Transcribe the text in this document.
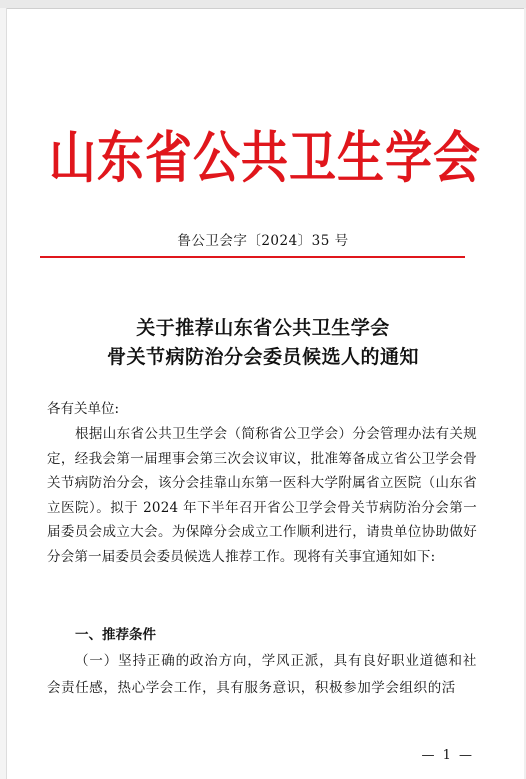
山东省公共卫生学会
鲁公卫会字〔2024〕35 号
关于推荐山东省公共卫生学会
骨关节病防治分会委员候选人的通知
各有关单位:
根据山东省公共卫生学会（简称省公卫学会）分会管理办法有关规定，经我会第一届理事会第三次会议审议，批准筹备成立省公卫学会骨关节病防治分会，该分会挂靠山东第一医科大学附属省立医院（山东省立医院）。拟于 2024 年下半年召开省公卫学会骨关节病防治分会第一届委员会成立大会。为保障分会成立工作顺利进行，请贵单位协助做好分会第一届委员会委员候选人推荐工作。现将有关事宜通知如下:
一、推荐条件
（一）坚持正确的政治方向，学风正派，具有良好职业道德和社会责任感，热心学会工作，具有服务意识，积极参加学会组织的活
— 1 —
